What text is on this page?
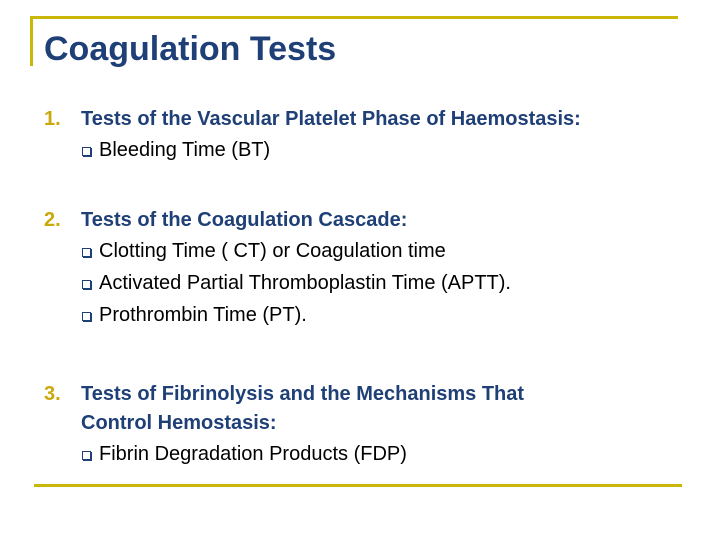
Coagulation Tests
1.	Tests of the Vascular Platelet Phase of Haemostasis:
Bleeding Time (BT)
2.	Tests of the Coagulation Cascade:
Clotting Time ( CT) or Coagulation time
Activated Partial Thromboplastin Time (APTT).
Prothrombin Time (PT).
3.	Tests of Fibrinolysis and the Mechanisms That
Control Hemostasis:
Fibrin Degradation Products (FDP)
